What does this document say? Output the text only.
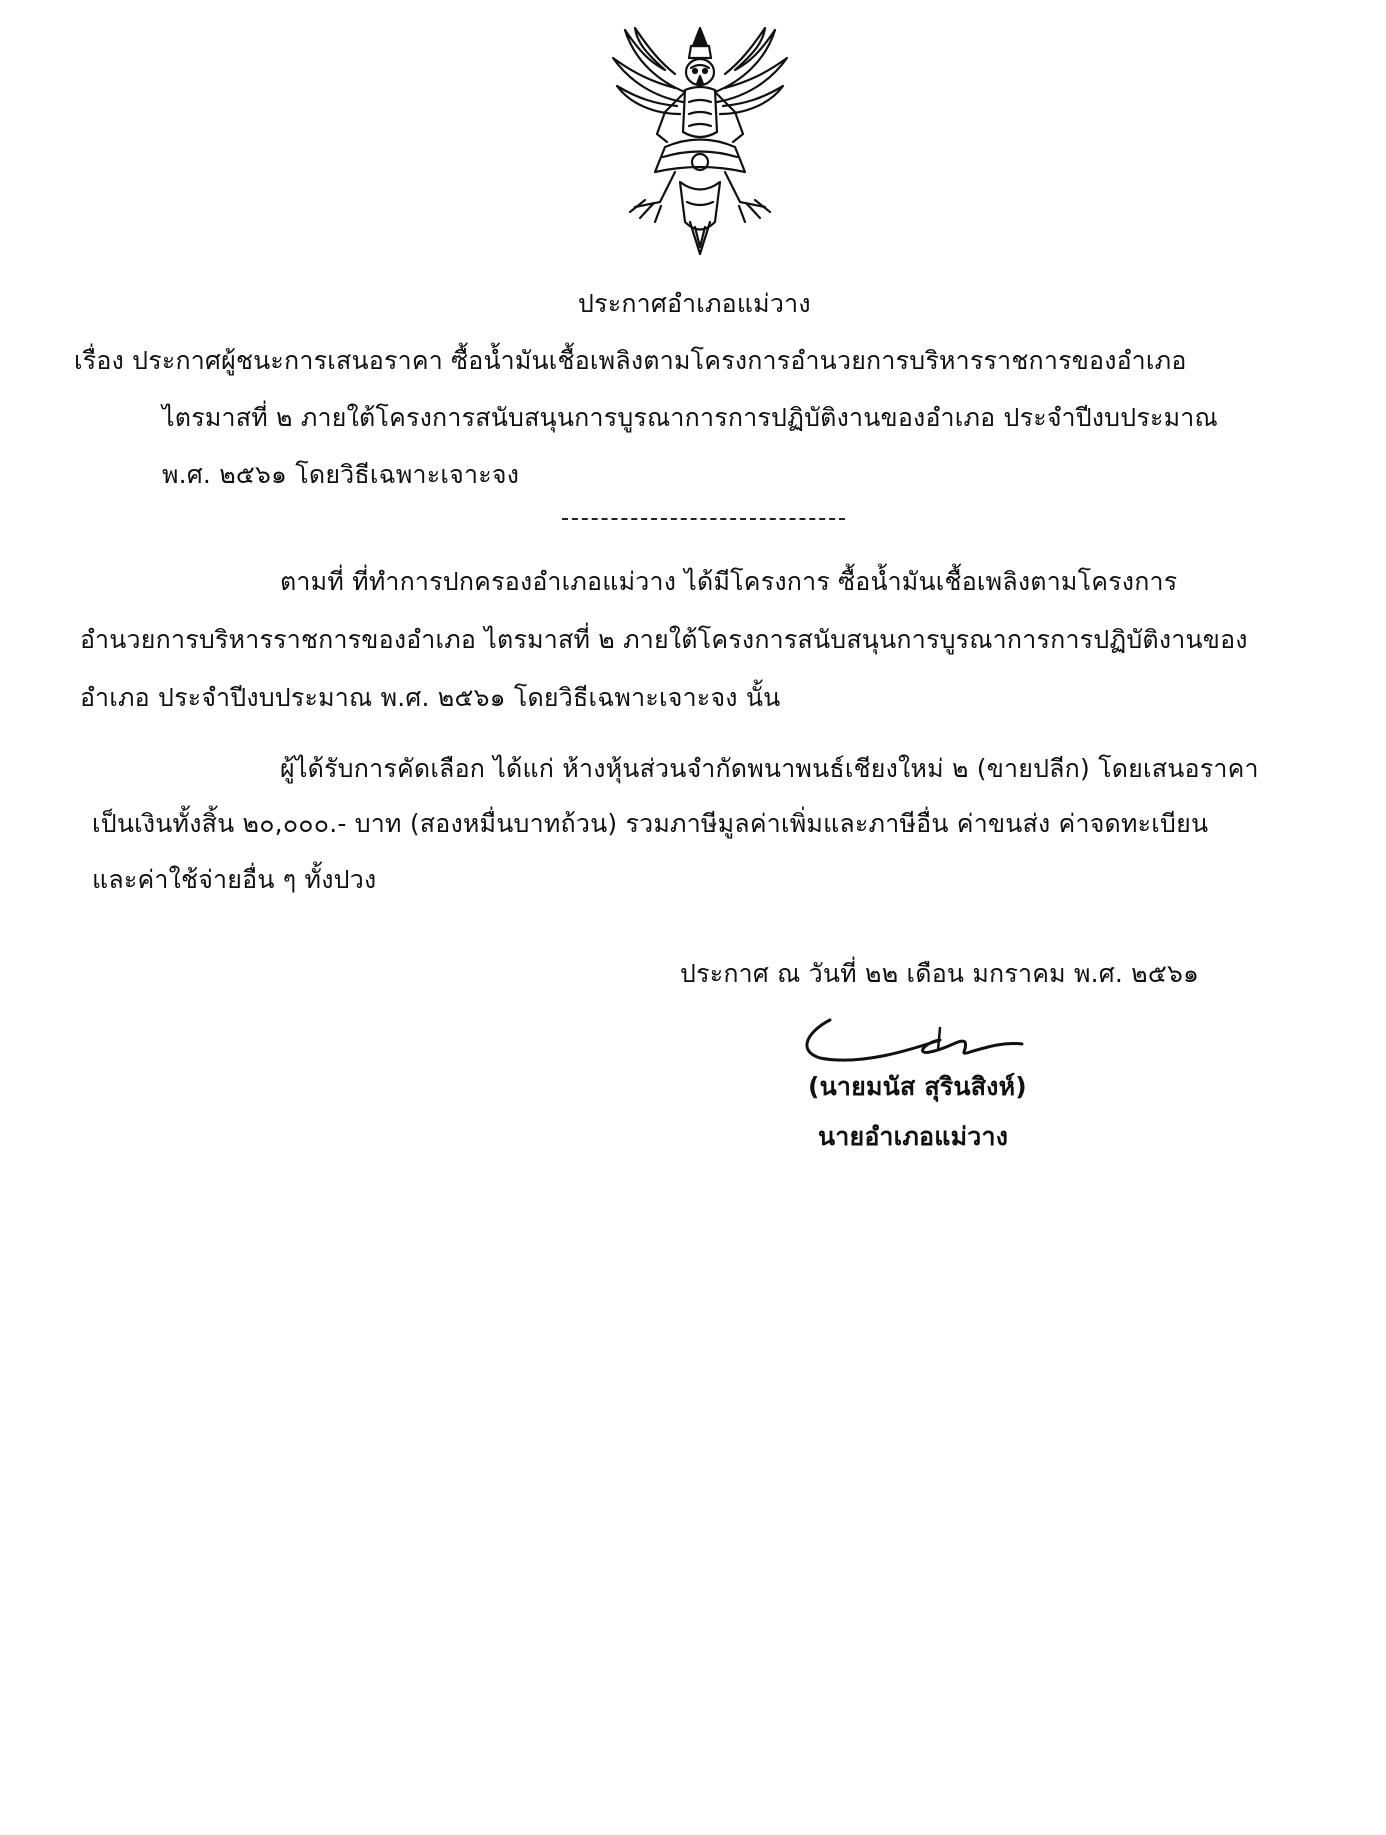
ประกาศอำเภอแม่วาง
เรื่อง ประกาศผู้ชนะการเสนอราคา ซื้อน้ำมันเชื้อเพลิงตามโครงการอำนวยการบริหารราชการของอำเภอ
ไตรมาสที่ ๒ ภายใต้โครงการสนับสนุนการบูรณาการการปฏิบัติงานของอำเภอ ประจำปีงบประมาณ
พ.ศ. ๒๕๖๑ โดยวิธีเฉพาะเจาะจง
ตามที่ ที่ทำการปกครองอำเภอแม่วาง ได้มีโครงการ ซื้อน้ำมันเชื้อเพลิงตามโครงการ
อำนวยการบริหารราชการของอำเภอ ไตรมาสที่ ๒ ภายใต้โครงการสนับสนุนการบูรณาการการปฏิบัติงานของ
อำเภอ ประจำปีงบประมาณ พ.ศ. ๒๕๖๑ โดยวิธีเฉพาะเจาะจง นั้น
ผู้ได้รับการคัดเลือก ได้แก่ ห้างหุ้นส่วนจำกัดพนาพนธ์เชียงใหม่ ๒ (ขายปลีก) โดยเสนอราคา
เป็นเงินทั้งสิ้น ๒๐,๐๐๐.- บาท (สองหมื่นบาทถ้วน) รวมภาษีมูลค่าเพิ่มและภาษีอื่น ค่าขนส่ง ค่าจดทะเบียน
และค่าใช้จ่ายอื่น ๆ ทั้งปวง
ประกาศ ณ วันที่ ๒๒ เดือน มกราคม พ.ศ. ๒๕๖๑
(นายมนัส สุรินสิงห์)
นายอำเภอแม่วาง
